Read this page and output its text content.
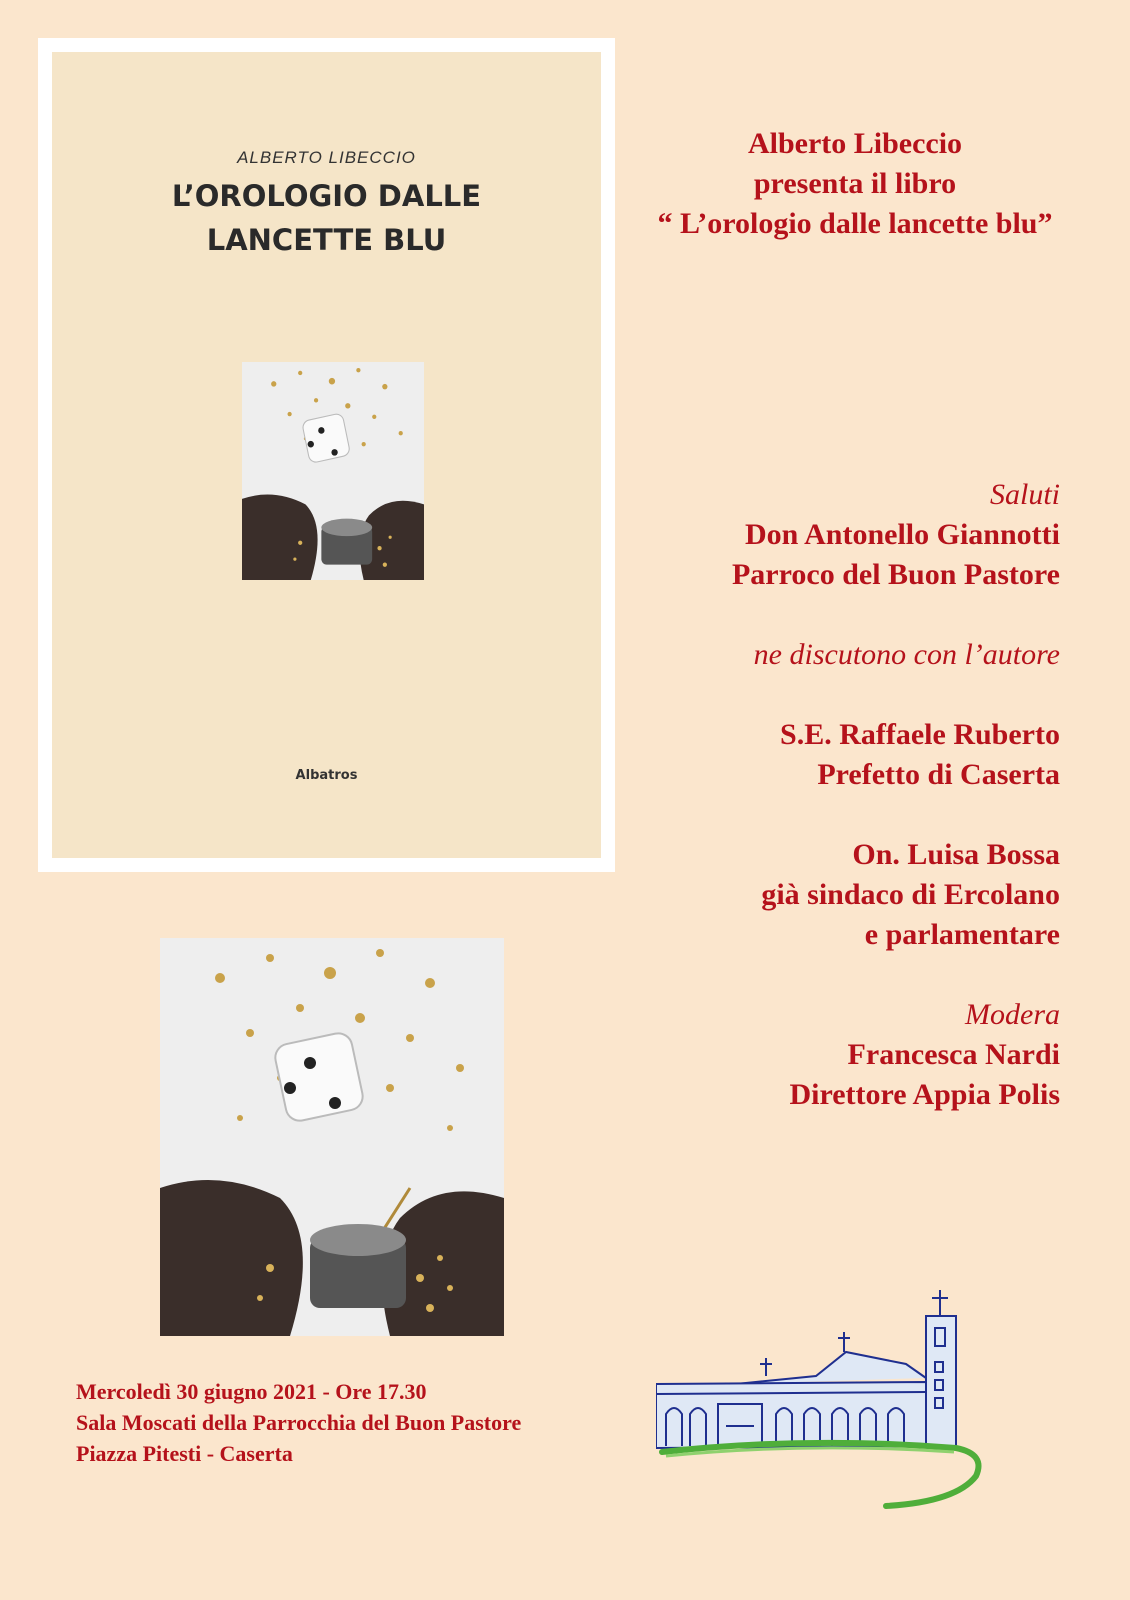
ALBERTO LIBECCIO
L’OROLOGIO DALLE
LANCETTE BLU
Albatros
Alberto Libeccio
presenta il libro
“ L’orologio dalle lancette blu”
Saluti
Don Antonello Giannotti
Parroco del Buon Pastore
ne discutono con l’autore
S.E. Raffaele Ruberto
Prefetto di Caserta
On. Luisa Bossa
già sindaco di Ercolano
e parlamentare
Modera
Francesca Nardi
Direttore Appia Polis
Mercoledì 30 giugno 2021 - Ore 17.30
Sala Moscati della Parrocchia del Buon Pastore
Piazza Pitesti - Caserta
